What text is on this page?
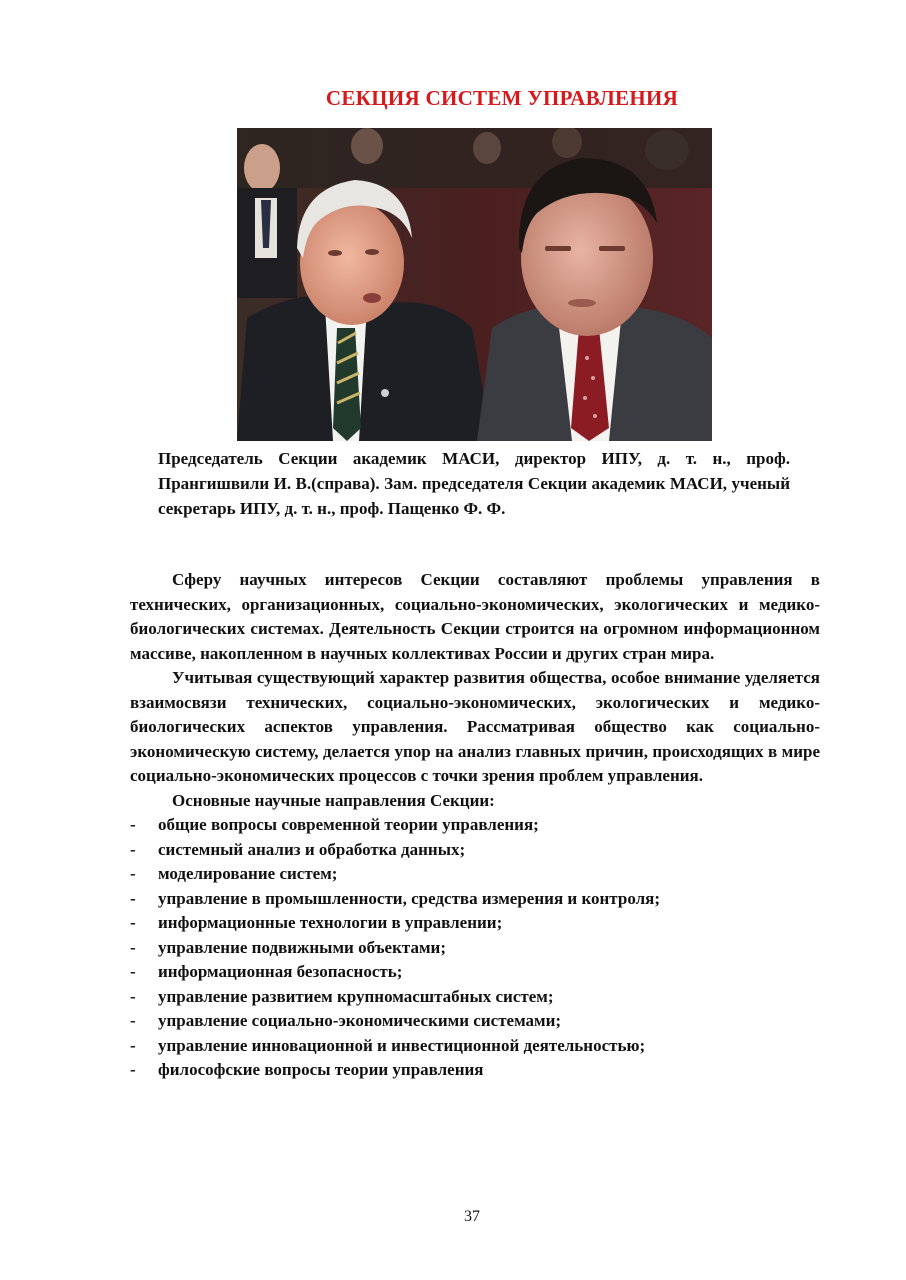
СЕКЦИЯ СИСТЕМ УПРАВЛЕНИЯ
Председатель Секции академик МАСИ, директор ИПУ, д. т. н., проф. Прангишвили И. В.(справа). Зам. председателя Секции академик МАСИ, ученый секретарь ИПУ, д. т. н., проф. Пащенко Ф. Ф.

Сферу научных интересов Секции составляют проблемы управления в технических, организационных, социально-экономических, экологических и медико-биологических системах. Деятельность Секции строится на огромном информационном массиве, накопленном в научных коллективах России и других стран мира.

Учитывая существующий характер развития общества, особое внимание уделяется взаимосвязи технических, социально-экономических, экологических и медико-биологических аспектов управления. Рассматривая общество как социально-экономическую систему, делается упор на анализ главных причин, происходящих в мире социально-экономических процессов с точки зрения проблем управления.

Основные научные направления Секции:

- общие вопросы современной теории управления;
- системный анализ и обработка данных;
- моделирование систем;
- управление в промышленности, средства измерения и контроля;
- информационные технологии в управлении;
- управление подвижными объектами;
- информационная безопасность;
- управление развитием крупномасштабных систем;
- управление социально-экономическими системами;
- управление инновационной и инвестиционной деятельностью;
- философские вопросы теории управления
37
